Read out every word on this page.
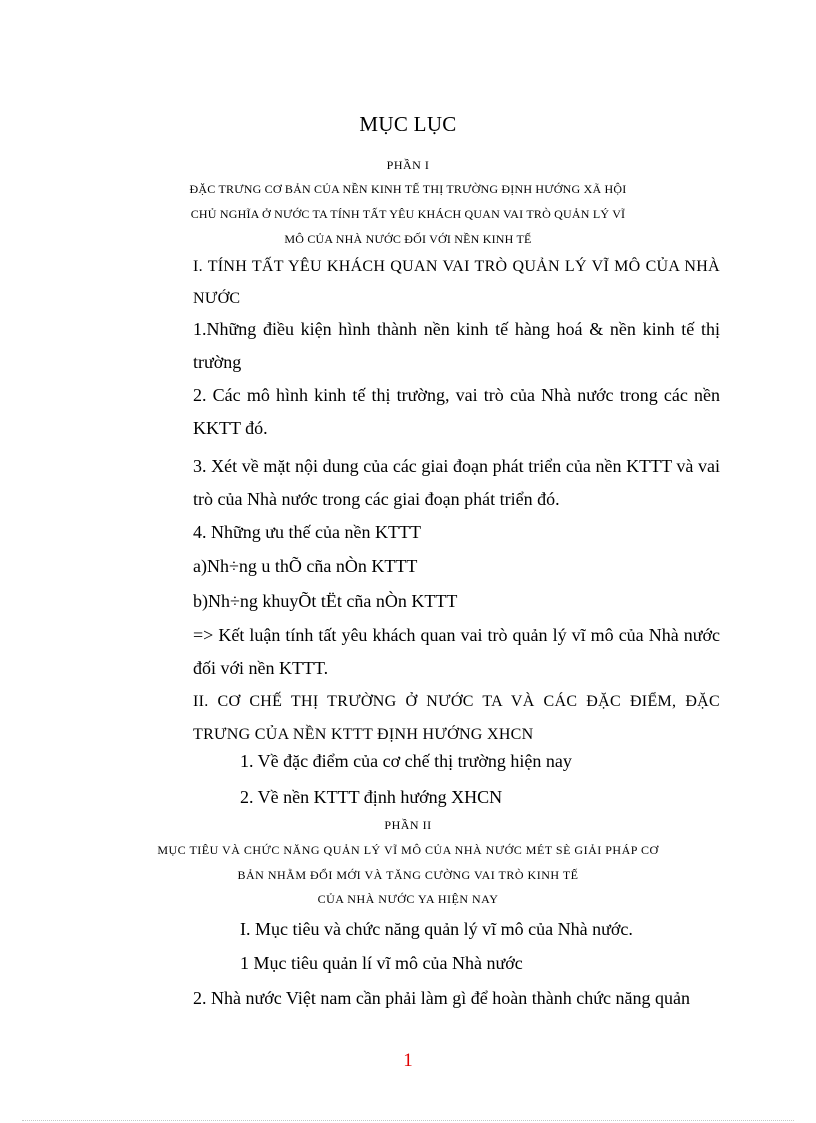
MỤC LỤC
PHẦN I
ĐẶC TRƯNG CƠ BẢN CỦA NỀN KINH TẾ THỊ TRƯỜNG ĐỊNH HƯỚNG XÃ HỘI CHỦ NGHĨA Ở NƯỚC TA TÍNH TẤT YÊU KHÁCH QUAN VAI TRÒ QUẢN LÝ VĨ MÔ CỦA NHÀ NƯỚC ĐỐI VỚI NỀN KINH TẾ
I. TÍNH TẤT YÊU KHÁCH QUAN VAI TRÒ QUẢN LÝ VĨ MÔ CỦA NHÀ NƯỚC
1.Những điều kiện hình thành nền kinh tế hàng hoá & nền kinh tế thị trường
2. Các mô hình kinh tế thị trường, vai trò của Nhà nước trong các nền KKTT đó.
3. Xét về mặt nội dung của các giai đoạn phát triển của nền KTTT và vai trò của Nhà nước trong các giai đoạn phát triển đó.
4. Những ưu thế của nền KTTT
a)Nh÷ng u thÕ cña nÒn KTTT
b)Nh÷ng khuyÕt tËt cña nÒn KTTT
=> Kết luận tính tất yêu khách quan vai trò quản lý vĩ mô của Nhà nước đối với nền KTTT.
II. CƠ CHẾ THỊ TRƯỜNG Ở NƯỚC TA VÀ CÁC ĐẶC ĐIỂM, ĐẶC TRƯNG CỦA NỀN KTTT ĐỊNH HƯỚNG XHCN
1. Về đặc điểm của cơ chế thị trường hiện nay
2. Về nền KTTT định hướng XHCN
PHẦN II
MỤC TIÊU VÀ CHỨC NĂNG QUẢN LÝ VĨ MÔ CỦA NHÀ NƯỚC MÉT SÈ GIẢI PHÁP CƠ
BẢN NHẰM ĐỔI MỚI VÀ TĂNG CƯỜNG VAI TRÒ KINH TẾ
CỦA NHÀ NƯỚC YA HIỆN NAY
I. Mục tiêu và chức năng quản lý vĩ mô của Nhà nước.
1 Mục tiêu quản lí vĩ mô của Nhà nước
2. Nhà nước Việt nam cần phải làm gì để hoàn thành chức năng quản
1
